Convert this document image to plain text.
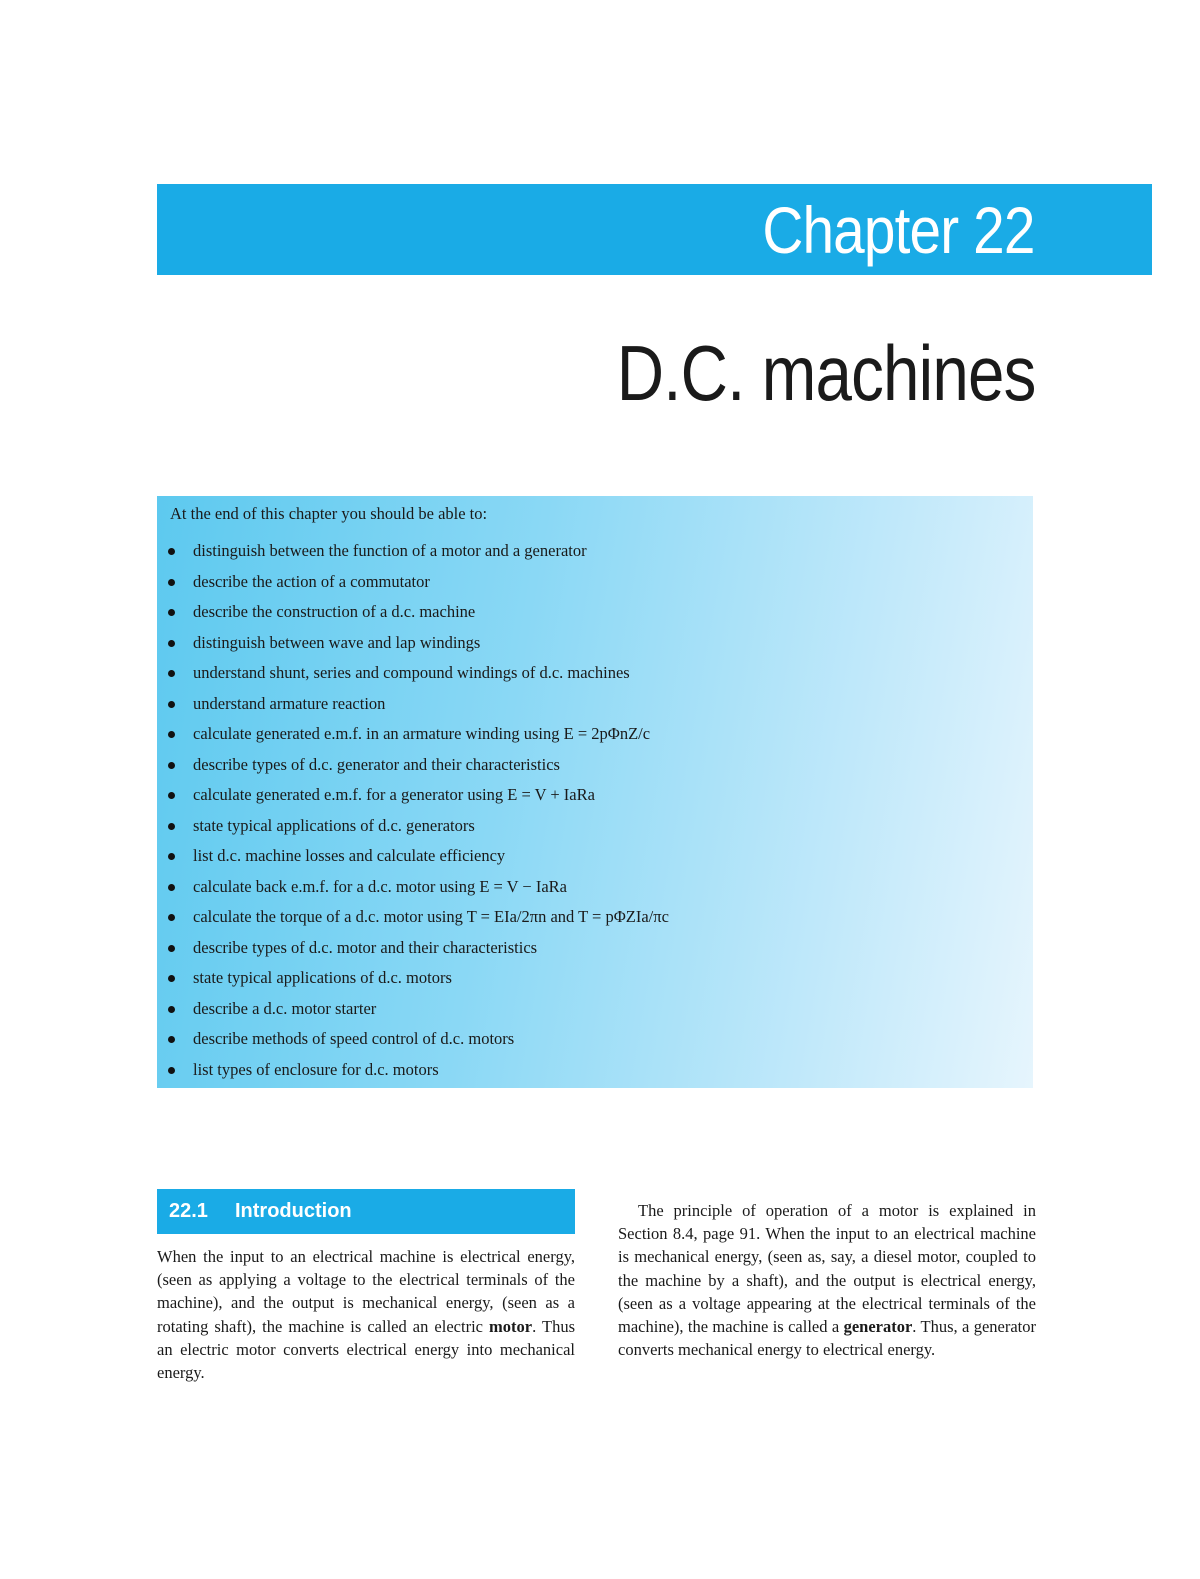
Chapter 22
D.C. machines
At the end of this chapter you should be able to:
distinguish between the function of a motor and a generator
describe the action of a commutator
describe the construction of a d.c. machine
distinguish between wave and lap windings
understand shunt, series and compound windings of d.c. machines
understand armature reaction
calculate generated e.m.f. in an armature winding using E = 2pΦnZ/c
describe types of d.c. generator and their characteristics
calculate generated e.m.f. for a generator using E = V + IaRa
state typical applications of d.c. generators
list d.c. machine losses and calculate efficiency
calculate back e.m.f. for a d.c. motor using E = V − IaRa
calculate the torque of a d.c. motor using T = EIa/2πn and T = pΦZIa/πc
describe types of d.c. motor and their characteristics
state typical applications of d.c. motors
describe a d.c. motor starter
describe methods of speed control of d.c. motors
list types of enclosure for d.c. motors
22.1 Introduction

When the input to an electrical machine is electrical energy, (seen as applying a voltage to the electrical terminals of the machine), and the output is mechanical energy, (seen as a rotating shaft), the machine is called an electric motor. Thus an electric motor converts electrical energy into mechanical energy.

The principle of operation of a motor is explained in Section 8.4, page 91. When the input to an electrical machine is mechanical energy, (seen as, say, a diesel motor, coupled to the machine by a shaft), and the output is electrical energy, (seen as a voltage appearing at the electrical terminals of the machine), the machine is called a generator. Thus, a generator converts mechanical energy to electrical energy.
